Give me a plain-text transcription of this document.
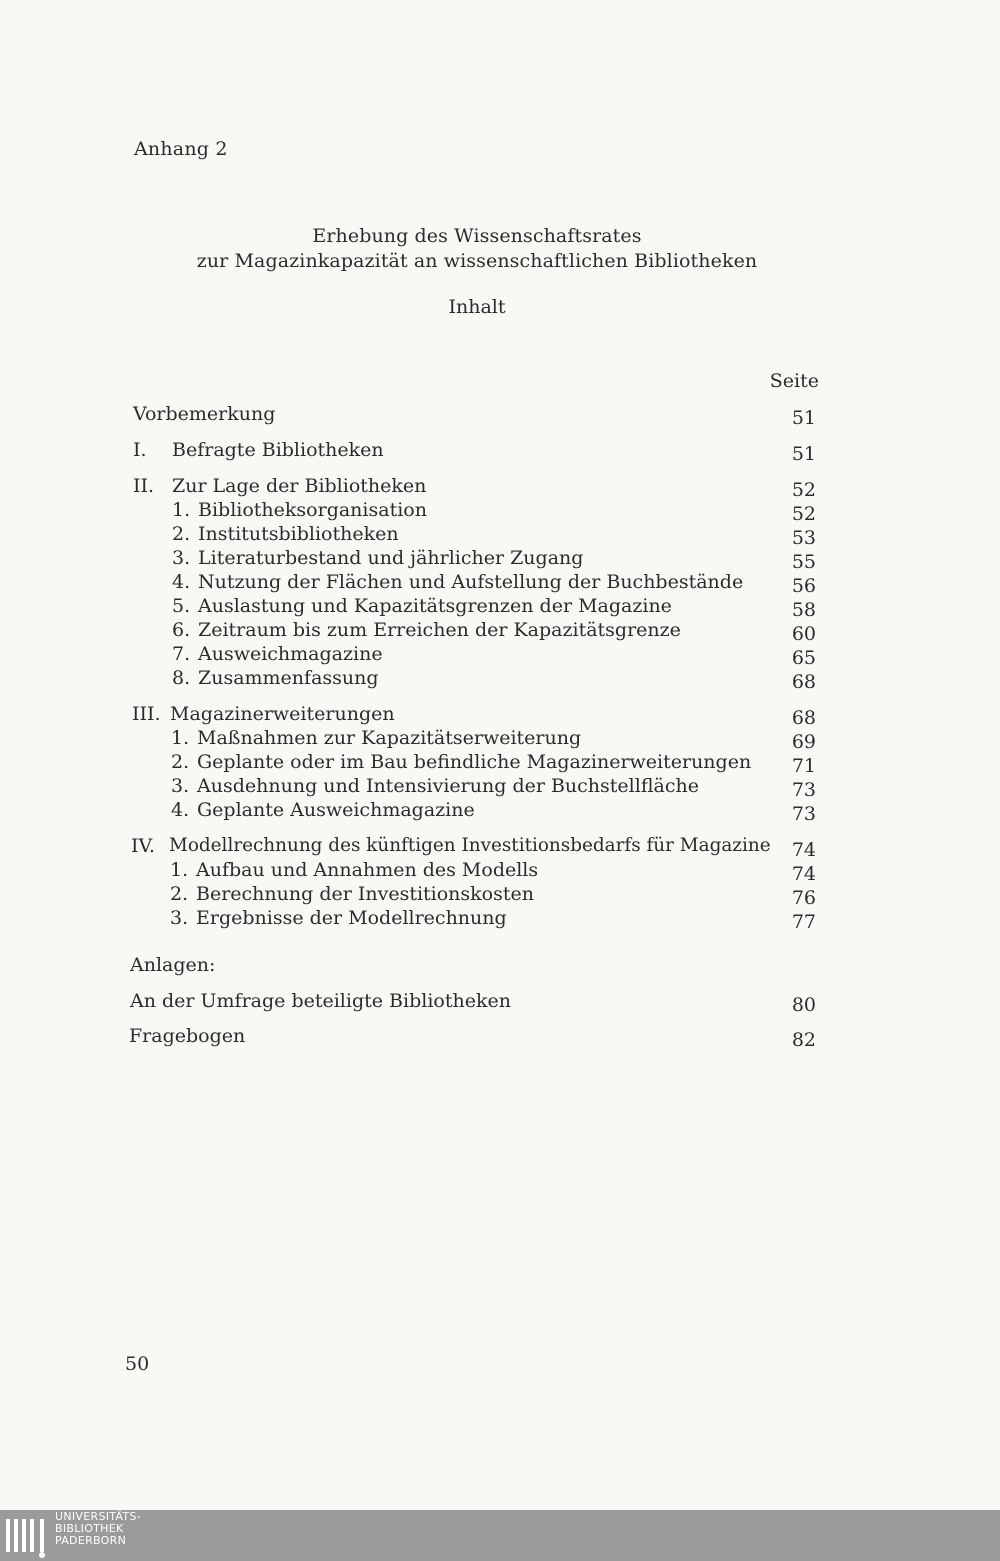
Anhang 2
Erhebung des Wissenschaftsrates
zur Magazinkapazität an wissenschaftlichen Bibliotheken
Inhalt
Seite
Vorbemerkung	51
I. Befragte Bibliotheken	51
II. Zur Lage der Bibliotheken	52
1. Bibliotheksorganisation	52
2. Institutsbibliotheken	53
3. Literaturbestand und jährlicher Zugang	55
4. Nutzung der Flächen und Aufstellung der Buchbestände	56
5. Auslastung und Kapazitätsgrenzen der Magazine	58
6. Zeitraum bis zum Erreichen der Kapazitätsgrenze	60
7. Ausweichmagazine	65
8. Zusammenfassung	68
III. Magazinerweiterungen	68
1. Maßnahmen zur Kapazitätserweiterung	69
2. Geplante oder im Bau befindliche Magazinerweiterungen 71
3. Ausdehnung und Intensivierung der Buchstellfläche	73
4. Geplante Ausweichmagazine	73
IV. Modellrechnung des künftigen Investitionsbedarfs für Magazine 74
1. Aufbau und Annahmen des Modells	74
2. Berechnung der Investitionskosten	76
3. Ergebnisse der Modellrechnung	77
Anlagen:
An der Umfrage beteiligte Bibliotheken	80
Fragebogen	82
50
UNIVERSITÄTS-
BIBLIOTHEK
PADERBORN
